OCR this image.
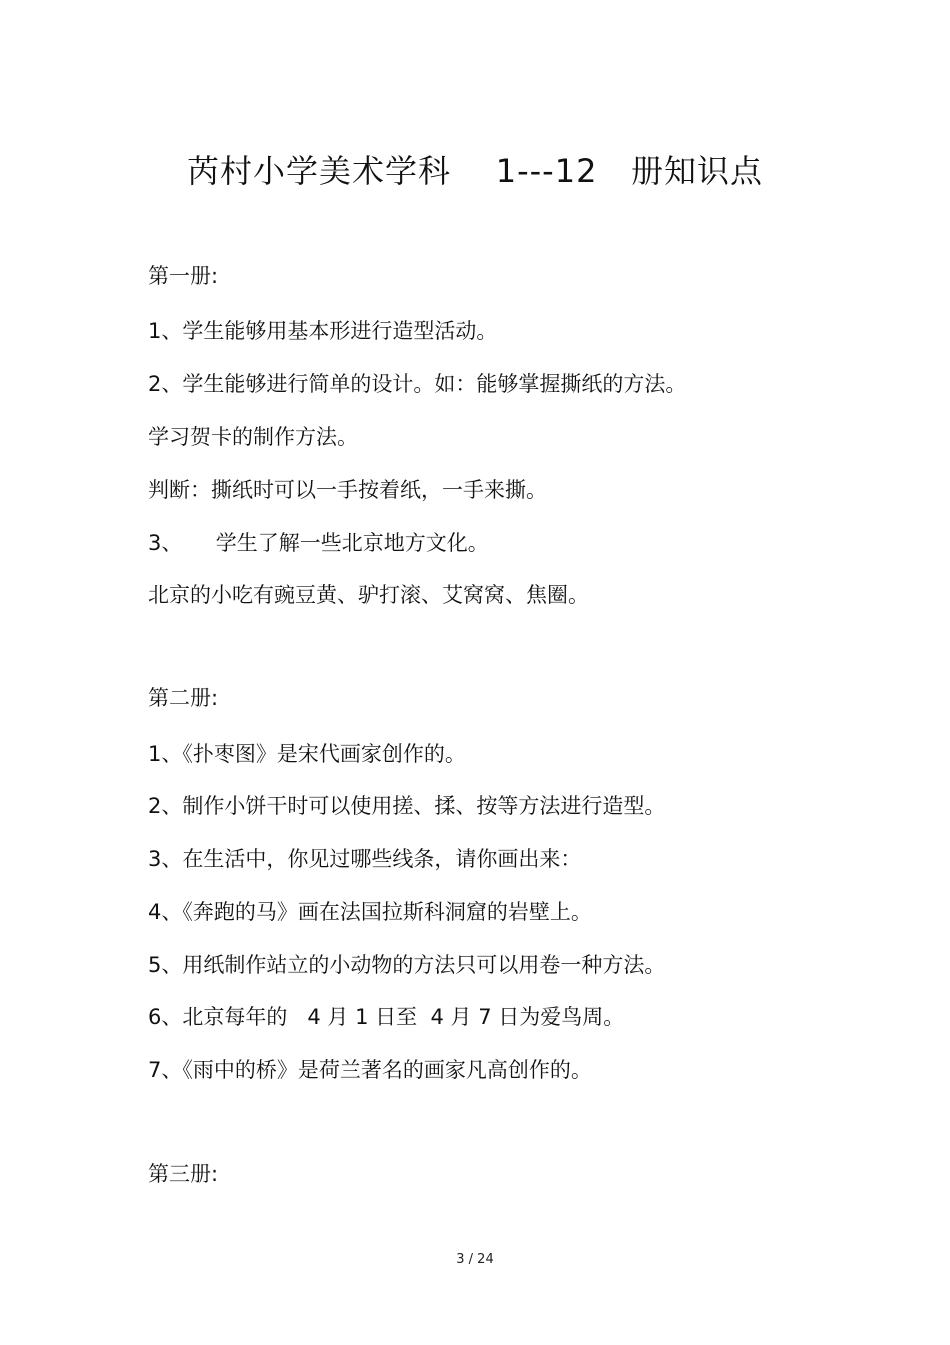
芮村小学美术学科    1---12   册知识点
第一册:
1、学生能够用基本形进行造型活动。
2、学生能够进行简单的设计。如：能够掌握撕纸的方法。
学习贺卡的制作方法。
判断：撕纸时可以一手按着纸，一手来撕。
3、     学生了解一些北京地方文化。
北京的小吃有豌豆黄、驴打滚、艾窝窝、焦圈。
第二册:
1、《扑枣图》是宋代画家创作的。
2、制作小饼干时可以使用搓、揉、按等方法进行造型。
3、在生活中，你见过哪些线条，请你画出来：
4、《奔跑的马》画在法国拉斯科洞窟的岩壁上。
5、用纸制作站立的小动物的方法只可以用卷一种方法。
6、北京每年的   4 月 1 日至  4 月 7 日为爱鸟周。
7、《雨中的桥》是荷兰著名的画家凡高创作的。
第三册:
3 / 24
